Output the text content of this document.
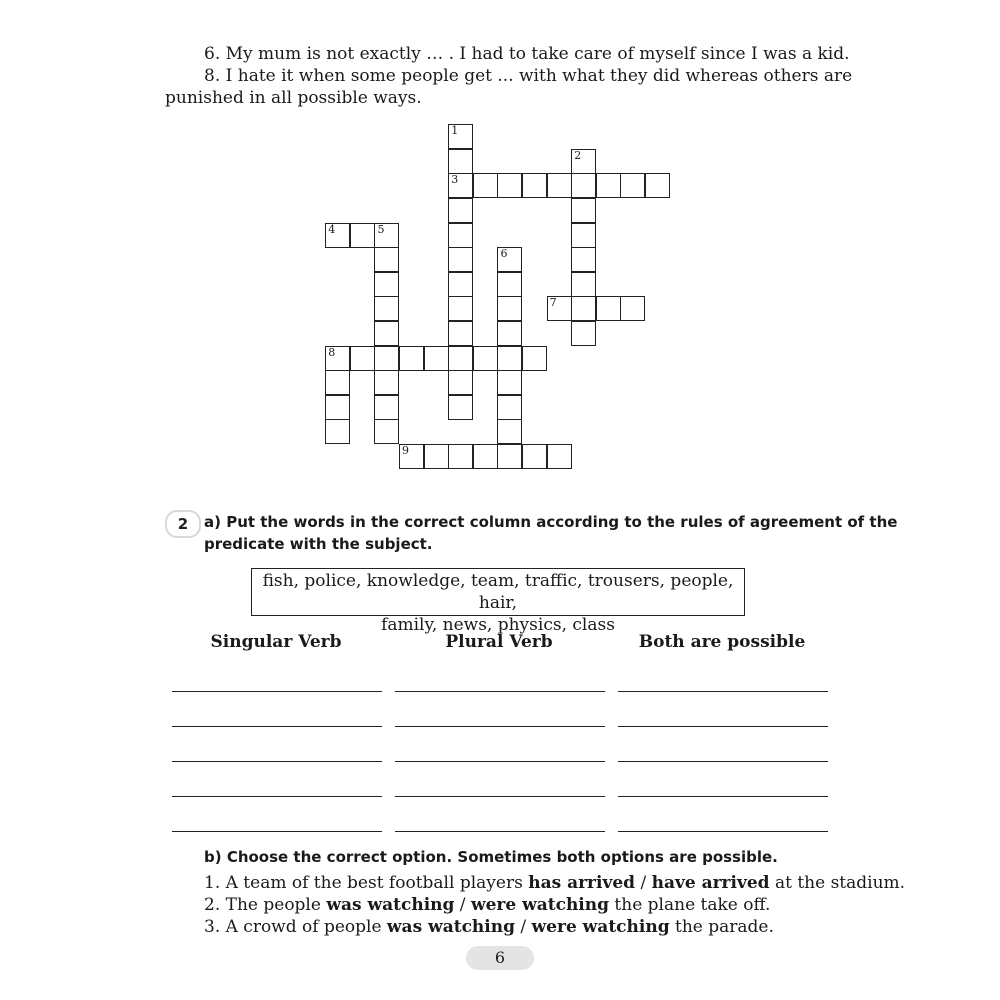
6. My mum is not exactly … . I had to take care of myself since I was a kid.
8. I hate it when some people get ... with what they did whereas others are
punished in all possible ways.
1
3
2
4	5
6
7
8
9
2	a) Put the words in the correct column according to the rules of agreement of the
predicate with the subject.
fish, police, knowledge, team, traffic, trousers, people, hair,
family, news, physics, class
Singular Verb	Plural Verb	Both are possible
b) Choose the correct option. Sometimes both options are possible.
1. A team of the best football players has arrived / have arrived at the stadium.
2. The people was watching / were watching the plane take off.
3. A crowd of people was watching / were watching the parade.
6
